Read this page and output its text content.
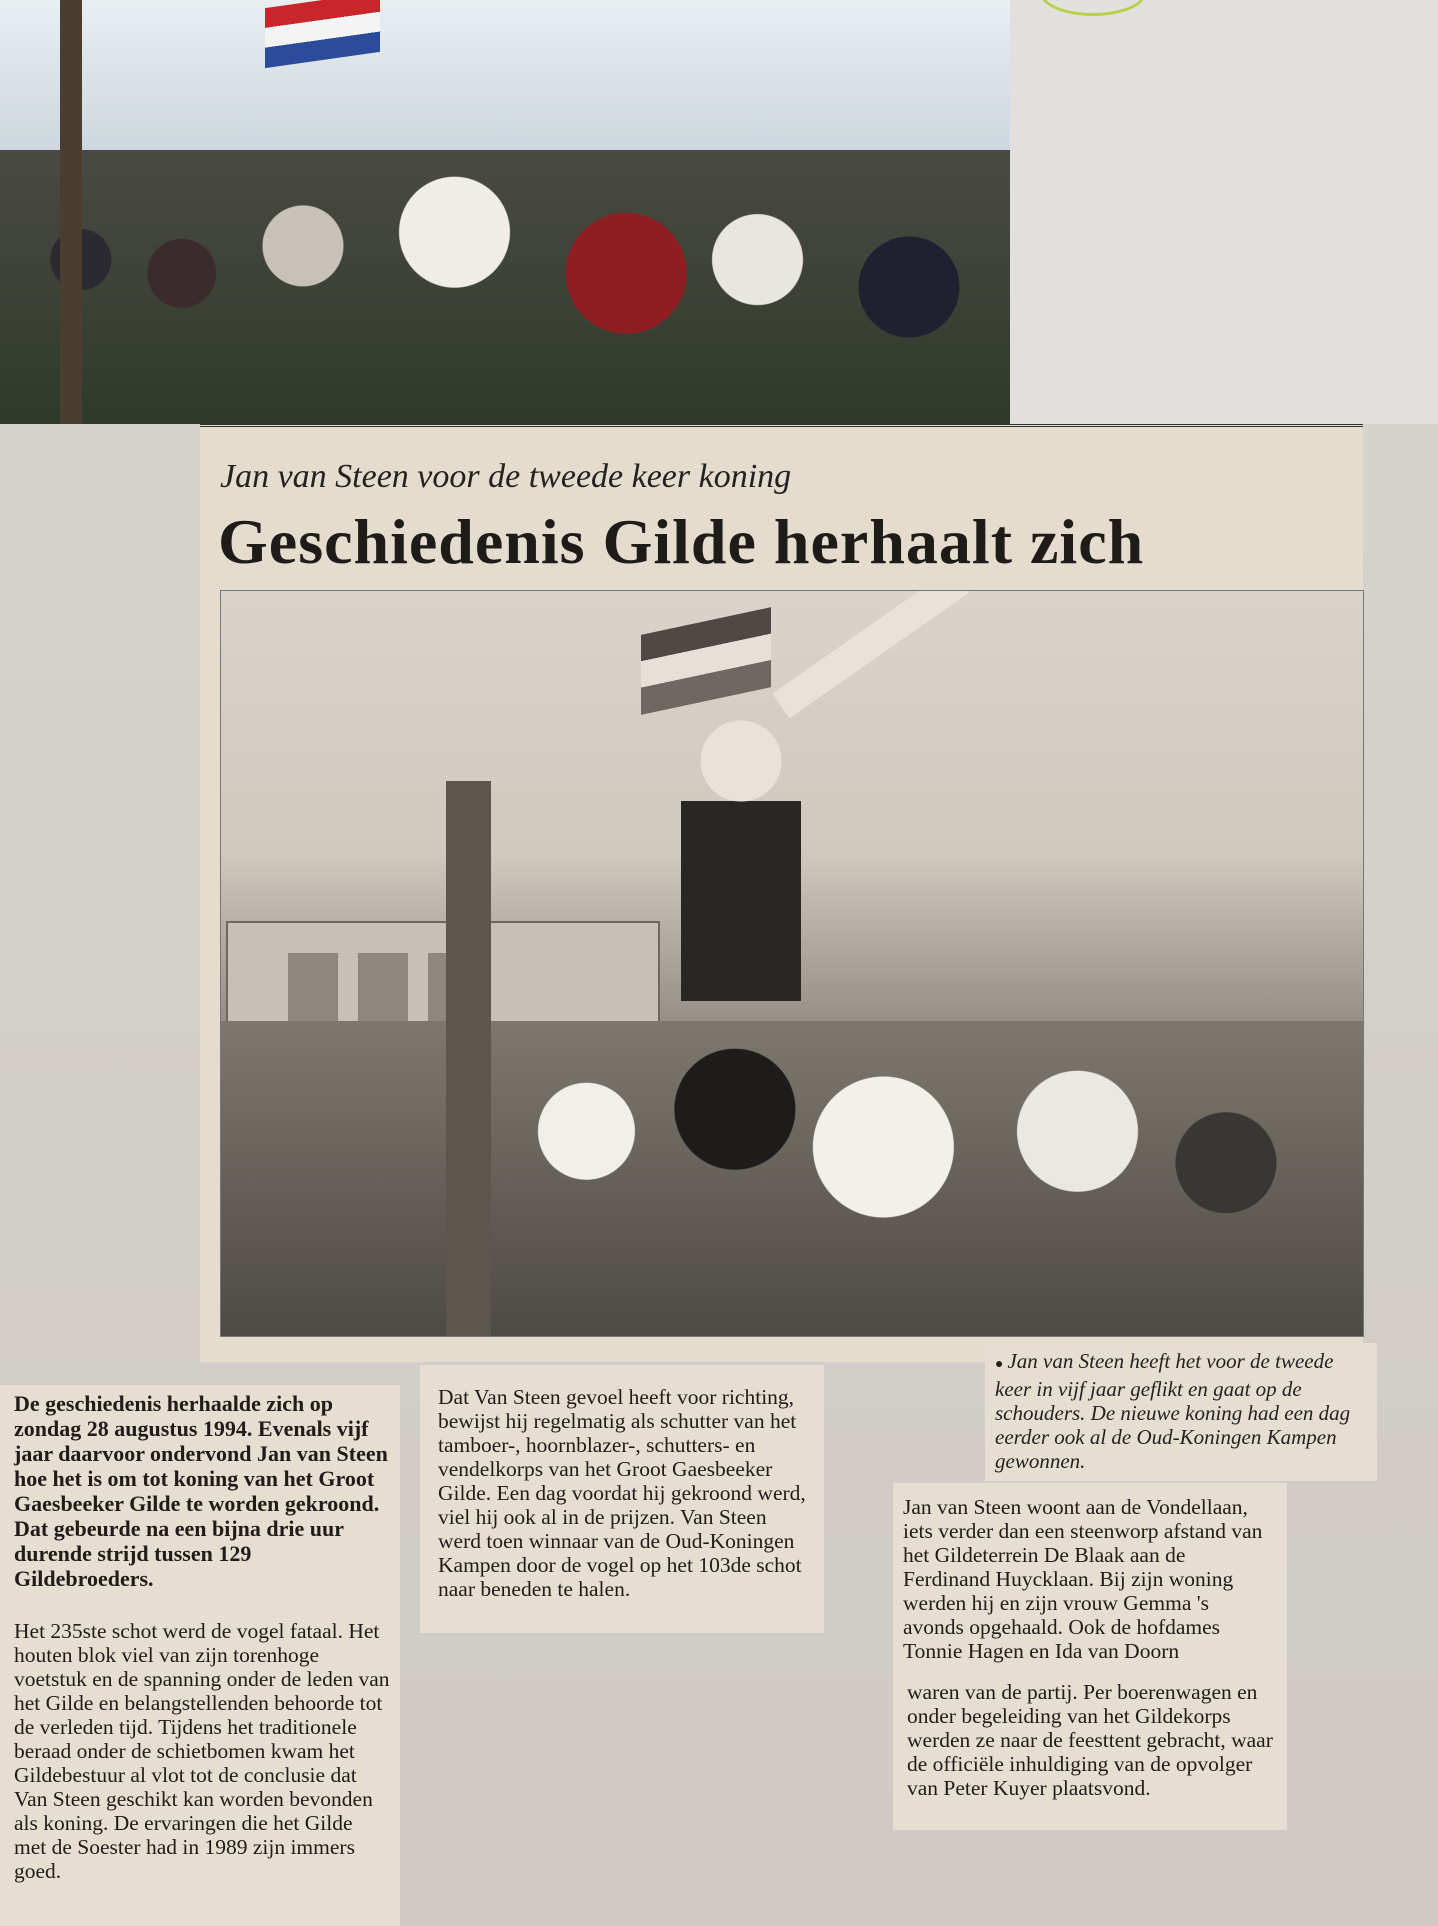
Jan van Steen voor de tweede keer koning
Geschiedenis Gilde herhaalt zich
● Jan van Steen heeft het voor de tweede keer in vijf jaar geflikt en gaat op de schouders. De nieuwe koning had een dag eerder ook al de Oud-Koningen Kampen gewonnen.

De geschiedenis herhaalde zich op zondag 28 augustus 1994. Evenals vijf jaar daarvoor ondervond Jan van Steen hoe het is om tot koning van het Groot Gaesbeeker Gilde te worden gekroond. Dat gebeurde na een bijna drie uur durende strijd tussen 129 Gildebroeders.

Het 235ste schot werd de vogel fataal. Het houten blok viel van zijn torenhoge voetstuk en de spanning onder de leden van het Gilde en belangstellenden behoorde tot de verleden tijd. Tijdens het traditionele beraad onder de schietbomen kwam het Gildebestuur al vlot tot de conclusie dat Van Steen geschikt kan worden bevonden als koning. De ervaringen die het Gilde met de Soester had in 1989 zijn immers goed.

Dat Van Steen gevoel heeft voor richting, bewijst hij regelmatig als schutter van het tamboer-, hoornblazer-, schutters- en vendelkorps van het Groot Gaesbeeker Gilde. Een dag voordat hij gekroond werd, viel hij ook al in de prijzen. Van Steen werd toen winnaar van de Oud-Koningen Kampen door de vogel op het 103de schot naar beneden te halen.

Jan van Steen woont aan de Vondellaan, iets verder dan een steenworp afstand van het Gildeterrein De Blaak aan de Ferdinand Huycklaan. Bij zijn woning werden hij en zijn vrouw Gemma 's avonds opgehaald. Ook de hofdames Tonnie Hagen en Ida van Doorn

waren van de partij. Per boerenwagen en onder begeleiding van het Gildekorps werden ze naar de feesttent gebracht, waar de officiële inhuldiging van de opvolger van Peter Kuyer plaatsvond.
